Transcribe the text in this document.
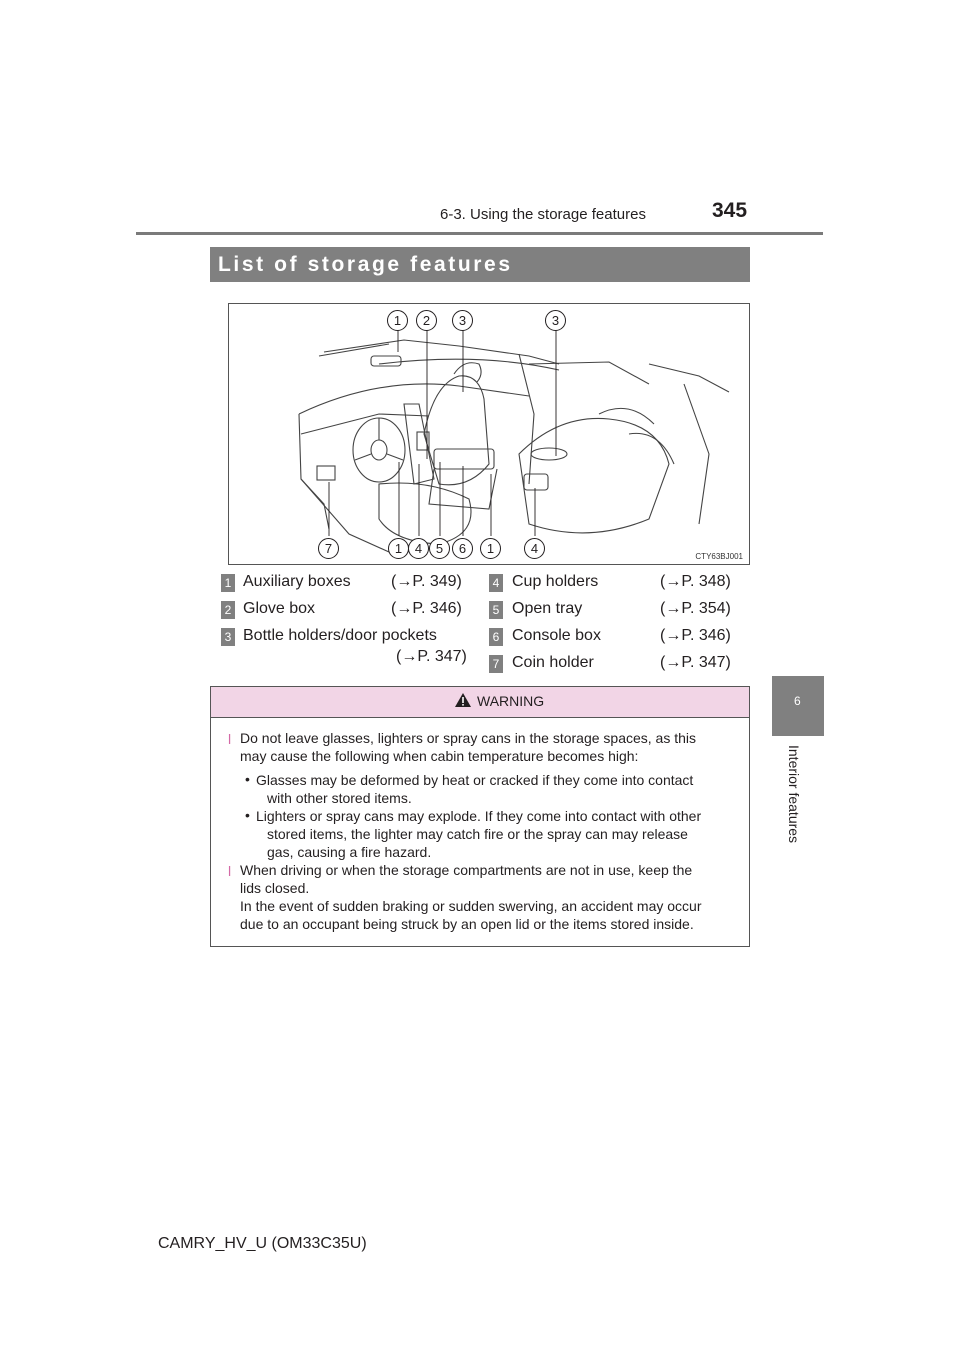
6-3. Using the storage features	345
6
Interior features
List of storage features
1	2	3	3
7	1 4	5	6	1	4
CTY63BJ001
1 Auxiliary boxes	(→P. 349)
2 Glove box	(→P. 346)
3 Bottle holders/door pockets
(→P. 347)
4 Cup holders	(→P. 348)
5 Open tray	(→P. 354)
6 Console box	(→P. 346)
7 Coin holder	(→P. 347)
WARNING
l Do not leave glasses, lighters or spray cans in the storage spaces, as this
may cause the following when cabin temperature becomes high:
• Glasses may be deformed by heat or cracked if they come into contact
with other stored items.
• Lighters or spray cans may explode. If they come into contact with other
stored items, the lighter may catch fire or the spray can may release
gas, causing a fire hazard.
l When driving or when the storage compartments are not in use, keep the
lids closed.
In the event of sudden braking or sudden swerving, an accident may occur
due to an occupant being struck by an open lid or the items stored inside.
CAMRY_HV_U (OM33C35U)
